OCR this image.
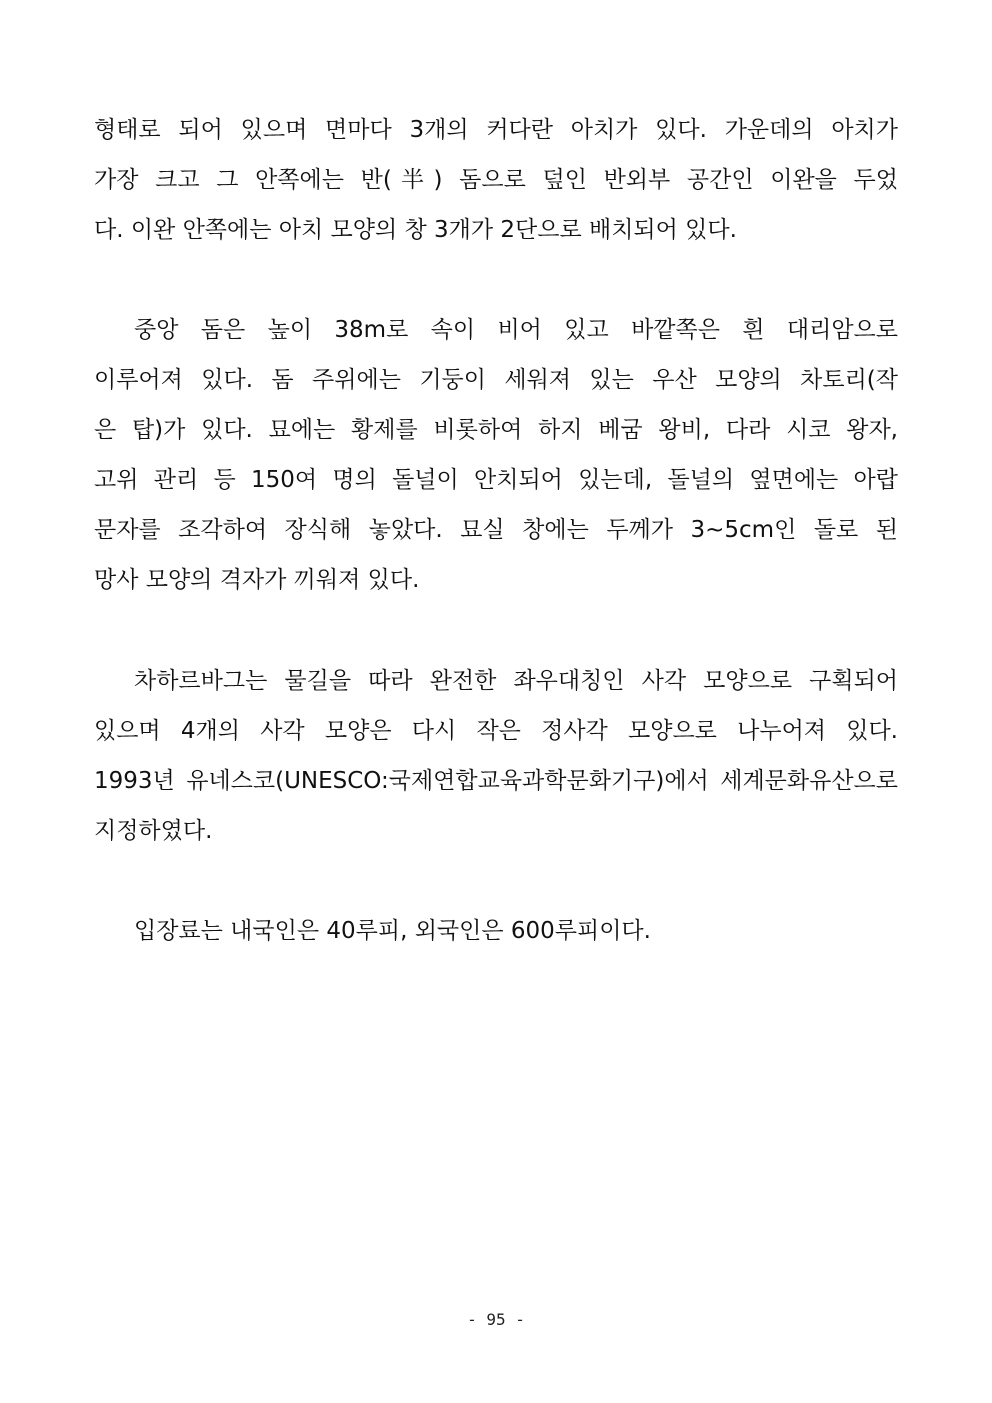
형태로 되어 있으며 면마다 3개의 커다란 아치가 있다. 가운데의 아치가
가장 크고 그 안쪽에는 반(半) 돔으로 덮인 반외부 공간인 이완을 두었
다. 이완 안쪽에는 아치 모양의 창 3개가 2단으로 배치되어 있다.
중앙 돔은 높이 38m로 속이 비어 있고 바깥쪽은 흰 대리암으로
이루어져 있다. 돔 주위에는 기둥이 세워져 있는 우산 모양의 차토리(작
은 탑)가 있다. 묘에는 황제를 비롯하여 하지 베굼 왕비, 다라 시코 왕자,
고위 관리 등 150여 명의 돌널이 안치되어 있는데, 돌널의 옆면에는 아랍
문자를 조각하여 장식해 놓았다. 묘실 창에는 두께가 3~5cm인 돌로 된
망사 모양의 격자가 끼워져 있다.
차하르바그는 물길을 따라 완전한 좌우대칭인 사각 모양으로 구획되어
있으며 4개의 사각 모양은 다시 작은 정사각 모양으로 나누어져 있다.
1993년 유네스코(UNESCO:국제연합교육과학문화기구)에서 세계문화유산으로
지정하였다.
입장료는 내국인은 40루피, 외국인은 600루피이다.
- 95 -
